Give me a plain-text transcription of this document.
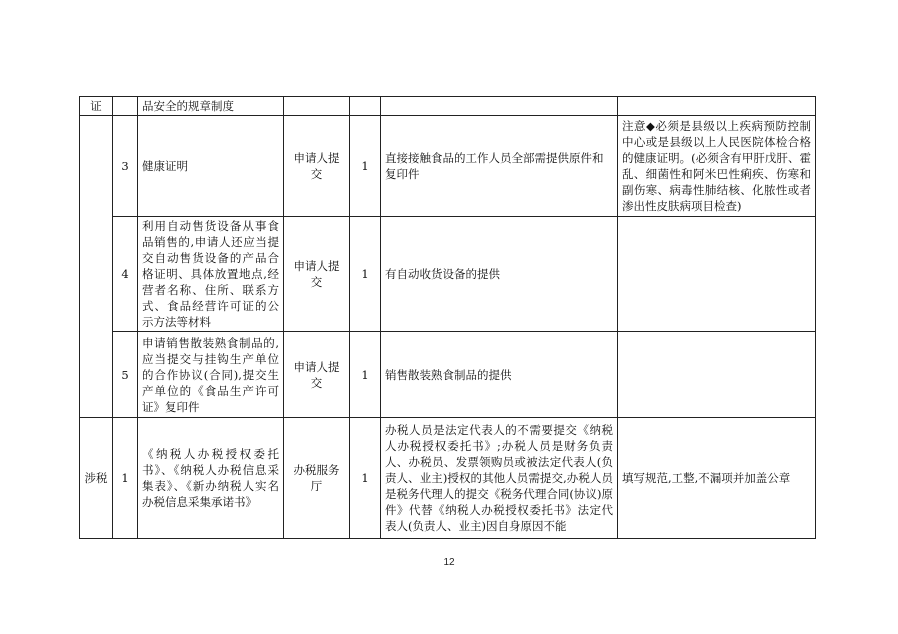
证		品安全的规章制度				
	3	健康证明	申请人提交	1	直接接触食品的工作人员全部需提供原件和复印件	注意◆必须是县级以上疾病预防控制中心或是县级以上人民医院体检合格的健康证明。(必须含有甲肝戊肝、霍乱、细菌性和阿米巴性痢疾、伤寒和副伤寒、病毒性肺结核、化脓性或者渗出性皮肤病项目检查)
	4	利用自动售货设备从事食品销售的,申请人还应当提交自动售货设备的产品合格证明、具体放置地点,经营者名称、住所、联系方式、食品经营许可证的公示方法等材料	申请人提交	1	有自动收货设备的提供	
	5	申请销售散装熟食制品的,应当提交与挂钩生产单位的合作协议(合同),提交生产单位的《食品生产许可证》复印件	申请人提交	1	销售散装熟食制品的提供	
涉税	1	《纳税人办税授权委托书》、《纳税人办税信息采集表》、《新办纳税人实名办税信息采集承诺书》	办税服务厅	1	办税人员是法定代表人的不需要提交《纳税人办税授权委托书》;办税人员是财务负责人、办税员、发票领购员或被法定代表人(负责人、业主)授权的其他人员需提交,办税人员是税务代理人的提交《税务代理合同(协议)原件》代替《纳税人办税授权委托书》法定代表人(负责人、业主)因自身原因不能	填写规范,工整,不漏项并加盖公章
12
